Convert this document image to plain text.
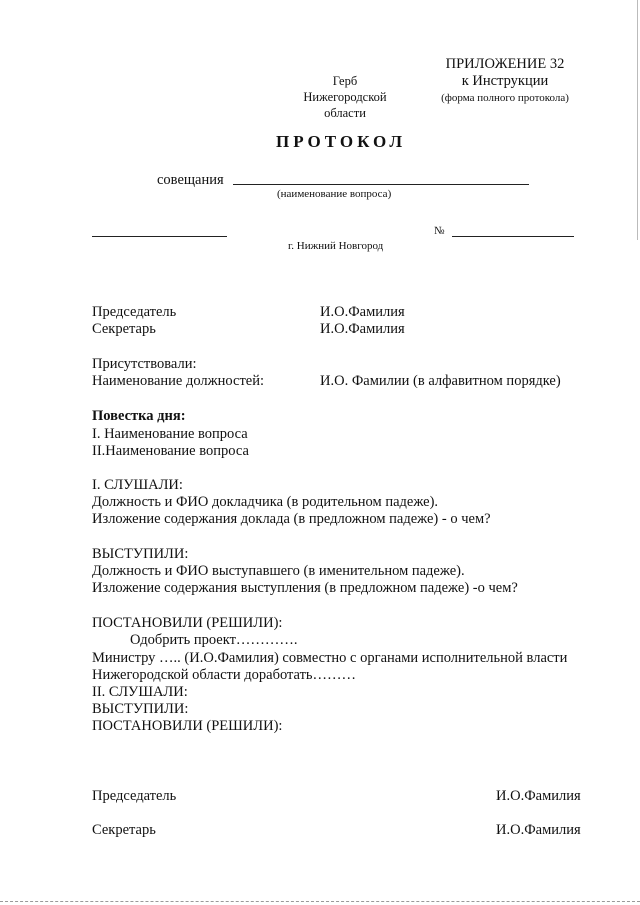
ПРИЛОЖЕНИЕ 32
к Инструкции
(форма полного протокола)
Герб
Нижегородской
области
ПРОТОКОЛ
совещания
(наименование вопроса)
№
г. Нижний Новгород
Председатель	И.О.Фамилия
Секретарь	И.О.Фамилия
Присутствовали:
Наименование должностей:	И.О. Фамилии (в алфавитном порядке)
Повестка дня:
I. Наименование вопроса
II.Наименование вопроса
I. СЛУШАЛИ:
Должность и ФИО докладчика (в родительном падеже).
Изложение содержания доклада (в предложном падеже) - о чем?
ВЫСТУПИЛИ:
Должность и ФИО выступавшего (в именительном падеже).
Изложение содержания выступления (в предложном падеже) -о чем?
ПОСТАНОВИЛИ (РЕШИЛИ):
Одобрить проект………….
Министру ….. (И.О.Фамилия) совместно с органами исполнительной власти
Нижегородской области доработать………
II. СЛУШАЛИ:
ВЫСТУПИЛИ:
ПОСТАНОВИЛИ (РЕШИЛИ):
Председатель	И.О.Фамилия
Секретарь	И.О.Фамилия
